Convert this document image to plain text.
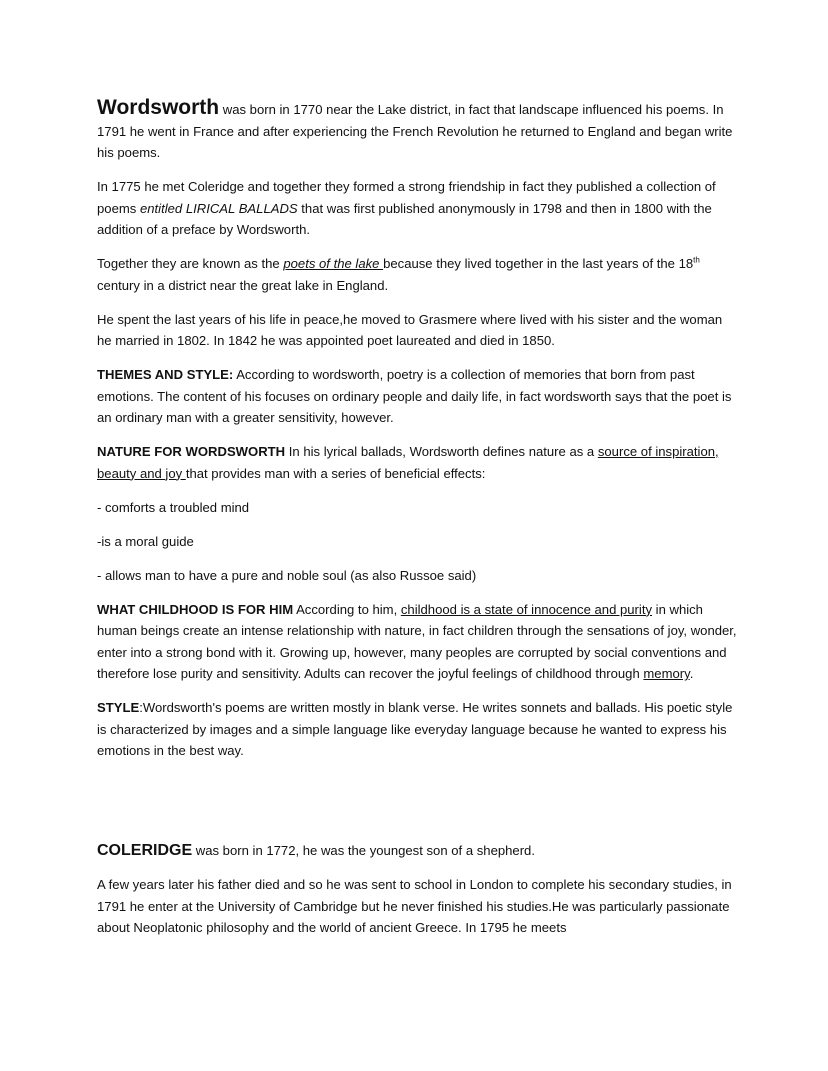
Wordsworth was born in 1770 near the Lake district, in fact that landscape influenced his poems. In 1791 he went in France and after experiencing the French Revolution he returned to England and began write his poems.

In 1775 he met Coleridge and together they formed a strong friendship in fact they published a collection of poems entitled LIRICAL BALLADS that was first published anonymously in 1798 and then in 1800 with the addition of a preface by Wordsworth.

Together they are known as the poets of the lake because they lived together in the last years of the 18th century in a district near the great lake in England.

He spent the last years of his life in peace,he moved to Grasmere where lived with his sister and the woman he married in 1802. In 1842 he was appointed poet laureated and died in 1850.

THEMES AND STYLE: According to wordsworth, poetry is a collection of memories that born from past emotions. The content of his focuses on ordinary people and daily life, in fact wordsworth says that the poet is an ordinary man with a greater sensitivity, however.

NATURE FOR WORDSWORTH In his lyrical ballads, Wordsworth defines nature as a source of inspiration, beauty and joy that provides man with a series of beneficial effects:

- comforts a troubled mind

-is a moral guide

- allows man to have a pure and noble soul (as also Russoe said)

WHAT CHILDHOOD IS FOR HIM According to him, childhood is a state of innocence and purity in which human beings create an intense relationship with nature, in fact children through the sensations of joy, wonder, enter into a strong bond with it. Growing up, however, many peoples are corrupted by social conventions and therefore lose purity and sensitivity. Adults can recover the joyful feelings of childhood through memory.

STYLE:Wordsworth's poems are written mostly in blank verse. He writes sonnets and ballads. His poetic style is characterized by images and a simple language like everyday language because he wanted to express his emotions in the best way.

COLERIDGE was born in 1772, he was the youngest son of a shepherd.

A few years later his father died and so he was sent to school in London to complete his secondary studies, in 1791 he enter at the University of Cambridge but he never finished his studies.He was particularly passionate about Neoplatonic philosophy and the world of ancient Greece. In 1795 he meets
